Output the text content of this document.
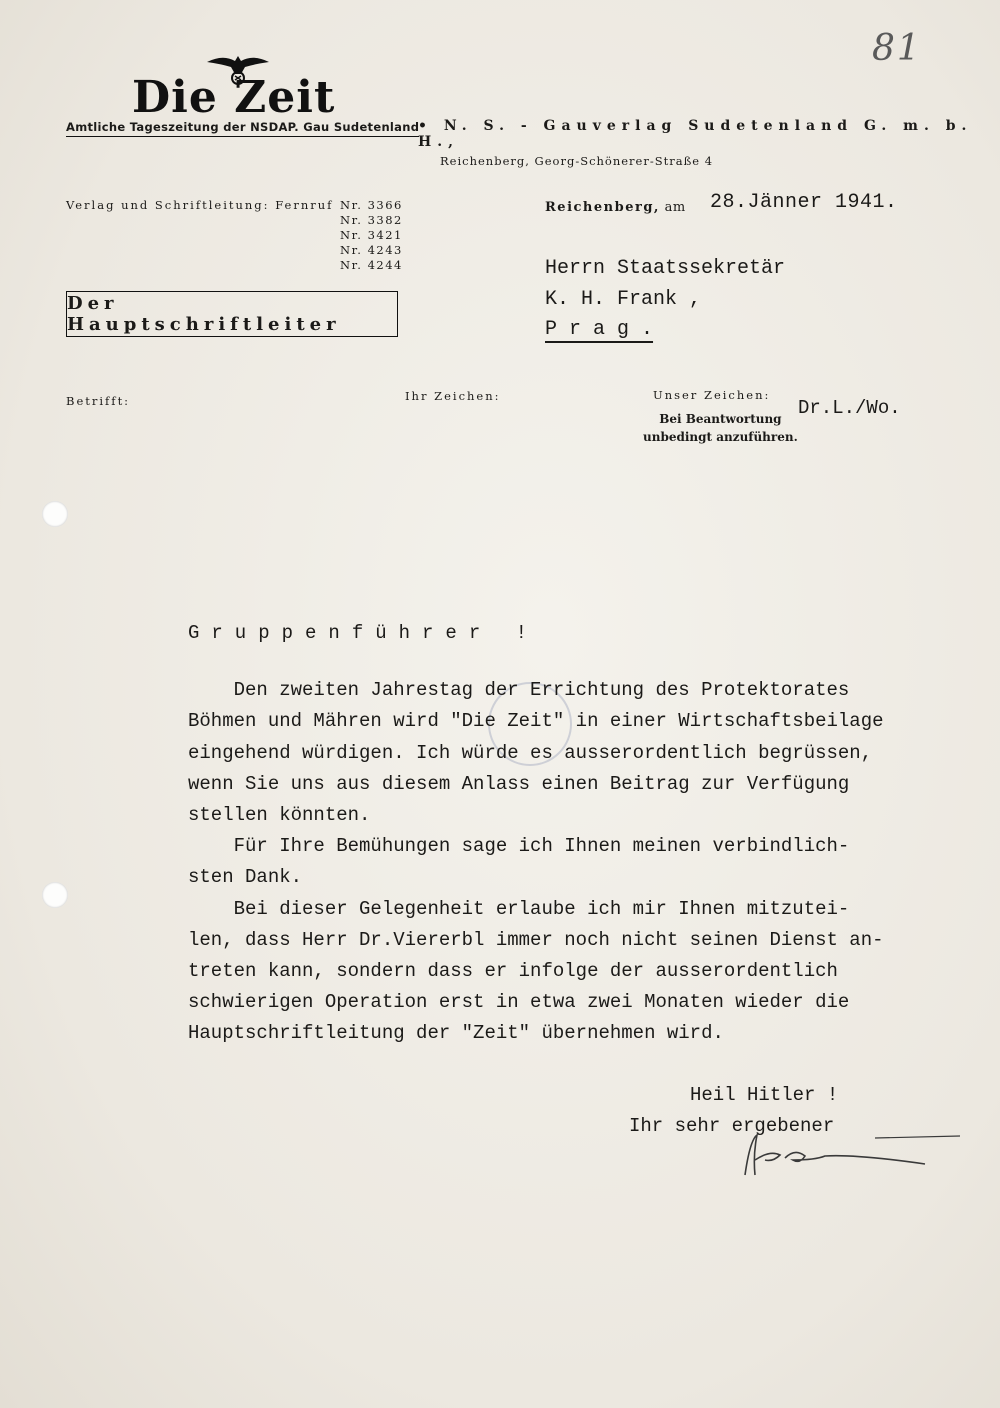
81
Die Zeit
Amtliche Tageszeitung der NSDAP. Gau Sudetenland
• N. S. - Gauverlag Sudetenland G. m. b. H.,
Reichenberg, Georg-Schönerer-Straße 4
Verlag und Schriftleitung: Fernruf Nr. 3366
Nr. 3382
Nr. 3421
Nr. 4243
Nr. 4244
Der Hauptschriftleiter
Reichenberg, am 28.Jänner 1941.
Herrn Staatssekretär
K. H. Frank ,
P r a g .
Betrifft:	Ihr Zeichen:	Unser Zeichen:
Bei Beantwortung
unbedingt anzuführen.
Dr.L./Wo.

Gruppenführer !

Den zweiten Jahrestag der Errichtung des Protektorates

Böhmen und Mähren wird "Die Zeit" in einer Wirtschaftsbeilage

eingehend würdigen. Ich würde es ausserordentlich begrüssen,

wenn Sie uns aus diesem Anlass einen Beitrag zur Verfügung

stellen könnten.

Für Ihre Bemühungen sage ich Ihnen meinen verbindlich-

sten Dank.

Bei dieser Gelegenheit erlaube ich mir Ihnen mitzutei-

len, dass Herr Dr.Viererbl immer noch nicht seinen Dienst an-

treten kann, sondern dass er infolge der ausserordentlich

schwierigen Operation erst in etwa zwei Monaten wieder die

Hauptschriftleitung der "Zeit" übernehmen wird.

Heil Hitler !
Ihr sehr ergebener
